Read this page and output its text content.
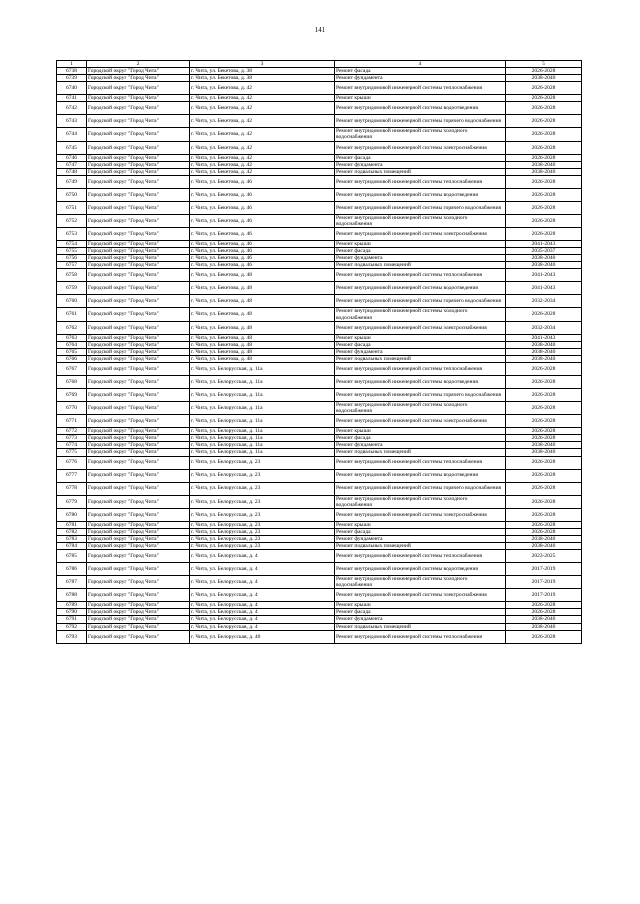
141
1	2	3	4	5
6738	Городской округ "Город Чита"	г. Чита, ул. Бекетова, д. 38	Ремонт фасада	2026-2028
6739	Городской округ "Город Чита"	г. Чита, ул. Бекетова, д. 38	Ремонт фундамента	2038-2040
6740	Городской округ "Город Чита"	г. Чита, ул. Бекетова, д. 42	Ремонт внутридомовой инженерной системы теплоснабжения	2026-2028
6741	Городской округ "Город Чита"	г. Чита, ул. Бекетова, д. 42	Ремонт крыши	2026-2028
6742	Городской округ "Город Чита"	г. Чита, ул. Бекетова, д. 42	Ремонт внутридомовой инженерной системы водоотведения	2026-2028
6743	Городской округ "Город Чита"	г. Чита, ул. Бекетова, д. 42	Ремонт внутридомовой инженерной системы горячего водоснабжения	2026-2028
6744	Городской округ "Город Чита"	г. Чита, ул. Бекетова, д. 42	Ремонт внутридомовой инженерной системы холодного водоснабжения	2026-2028
6745	Городской округ "Город Чита"	г. Чита, ул. Бекетова, д. 42	Ремонт внутридомовой инженерной системы электроснабжения	2026-2028
6746	Городской округ "Город Чита"	г. Чита, ул. Бекетова, д. 42	Ремонт фасада	2026-2028
6747	Городской округ "Город Чита"	г. Чита, ул. Бекетова, д. 42	Ремонт фундамента	2038-2040
6748	Городской округ "Город Чита"	г. Чита, ул. Бекетова, д. 42	Ремонт подвальных помещений	2038-2040
6749	Городской округ "Город Чита"	г. Чита, ул. Бекетова, д. 46	Ремонт внутридомовой инженерной системы теплоснабжения	2026-2028
6750	Городской округ "Город Чита"	г. Чита, ул. Бекетова, д. 46	Ремонт внутридомовой инженерной системы водоотведения	2026-2028
6751	Городской округ "Город Чита"	г. Чита, ул. Бекетова, д. 46	Ремонт внутридомовой инженерной системы горячего водоснабжения	2026-2028
6752	Городской округ "Город Чита"	г. Чита, ул. Бекетова, д. 46	Ремонт внутридомовой инженерной системы холодного водоснабжения	2026-2028
6753	Городской округ "Город Чита"	г. Чита, ул. Бекетова, д. 46	Ремонт внутридомовой инженерной системы электроснабжения	2026-2028
6754	Городской округ "Город Чита"	г. Чита, ул. Бекетова, д. 46	Ремонт крыши	2041-2043
6755	Городской округ "Город Чита"	г. Чита, ул. Бекетова, д. 46	Ремонт фасада	2035-2037
6756	Городской округ "Город Чита"	г. Чита, ул. Бекетова, д. 46	Ремонт фундамента	2038-2040
6757	Городской округ "Город Чита"	г. Чита, ул. Бекетова, д. 46	Ремонт подвальных помещений	2038-2040
6758	Городской округ "Город Чита"	г. Чита, ул. Бекетова, д. 48	Ремонт внутридомовой инженерной системы теплоснабжения	2041-2043
6759	Городской округ "Город Чита"	г. Чита, ул. Бекетова, д. 48	Ремонт внутридомовой инженерной системы водоотведения	2041-2043
6760	Городской округ "Город Чита"	г. Чита, ул. Бекетова, д. 48	Ремонт внутридомовой инженерной системы горячего водоснабжения	2032-2034
6761	Городской округ "Город Чита"	г. Чита, ул. Бекетова, д. 48	Ремонт внутридомовой инженерной системы холодного водоснабжения	2026-2028
6762	Городской округ "Город Чита"	г. Чита, ул. Бекетова, д. 48	Ремонт внутридомовой инженерной системы электроснабжения	2032-2034
6763	Городской округ "Город Чита"	г. Чита, ул. Бекетова, д. 48	Ремонт крыши	2041-2043
6764	Городской округ "Город Чита"	г. Чита, ул. Бекетова, д. 48	Ремонт фасада	2038-2040
6765	Городской округ "Город Чита"	г. Чита, ул. Бекетова, д. 48	Ремонт фундамента	2038-2040
6766	Городской округ "Город Чита"	г. Чита, ул. Бекетова, д. 48	Ремонт подвальных помещений	2038-2040
6767	Городской округ "Город Чита"	г. Чита, ул. Белорусская, д. 11а	Ремонт внутридомовой инженерной системы теплоснабжения	2026-2028
6768	Городской округ "Город Чита"	г. Чита, ул. Белорусская, д. 11а	Ремонт внутридомовой инженерной системы водоотведения	2026-2028
6769	Городской округ "Город Чита"	г. Чита, ул. Белорусская, д. 11а	Ремонт внутридомовой инженерной системы горячего водоснабжения	2026-2028
6770	Городской округ "Город Чита"	г. Чита, ул. Белорусская, д. 11а	Ремонт внутридомовой инженерной системы холодного водоснабжения	2026-2028
6771	Городской округ "Город Чита"	г. Чита, ул. Белорусская, д. 11а	Ремонт внутридомовой инженерной системы электроснабжения	2026-2028
6772	Городской округ "Город Чита"	г. Чита, ул. Белорусская, д. 11а	Ремонт крыши	2026-2028
6773	Городской округ "Город Чита"	г. Чита, ул. Белорусская, д. 11а	Ремонт фасада	2026-2028
6774	Городской округ "Город Чита"	г. Чита, ул. Белорусская, д. 11а	Ремонт фундамента	2038-2040
6775	Городской округ "Город Чита"	г. Чита, ул. Белорусская, д. 11а	Ремонт подвальных помещений	2038-2040
6776	Городской округ "Город Чита"	г. Чита, ул. Белорусская, д. 23	Ремонт внутридомовой инженерной системы теплоснабжения	2026-2028
6777	Городской округ "Город Чита"	г. Чита, ул. Белорусская, д. 23	Ремонт внутридомовой инженерной системы водоотведения	2026-2028
6778	Городской округ "Город Чита"	г. Чита, ул. Белорусская, д. 23	Ремонт внутридомовой инженерной системы горячего водоснабжения	2026-2028
6779	Городской округ "Город Чита"	г. Чита, ул. Белорусская, д. 23	Ремонт внутридомовой инженерной системы холодного водоснабжения	2026-2028
6780	Городской округ "Город Чита"	г. Чита, ул. Белорусская, д. 23	Ремонт внутридомовой инженерной системы электроснабжения	2026-2028
6781	Городской округ "Город Чита"	г. Чита, ул. Белорусская, д. 23	Ремонт крыши	2026-2028
6782	Городской округ "Город Чита"	г. Чита, ул. Белорусская, д. 23	Ремонт фасада	2026-2028
6783	Городской округ "Город Чита"	г. Чита, ул. Белорусская, д. 23	Ремонт фундамента	2038-2040
6784	Городской округ "Город Чита"	г. Чита, ул. Белорусская, д. 23	Ремонт подвальных помещений	2038-2040
6785	Городской округ "Город Чита"	г. Чита, ул. Белорусская, д. 4	Ремонт внутридомовой инженерной системы теплоснабжения	2023-2025
6786	Городской округ "Город Чита"	г. Чита, ул. Белорусская, д. 4	Ремонт внутридомовой инженерной системы водоотведения	2017-2019
6787	Городской округ "Город Чита"	г. Чита, ул. Белорусская, д. 4	Ремонт внутридомовой инженерной системы холодного водоснабжения	2017-2019
6788	Городской округ "Город Чита"	г. Чита, ул. Белорусская, д. 4	Ремонт внутридомовой инженерной системы электроснабжения	2017-2019
6789	Городской округ "Город Чита"	г. Чита, ул. Белорусская, д. 4	Ремонт крыши	2026-2028
6790	Городской округ "Город Чита"	г. Чита, ул. Белорусская, д. 4	Ремонт фасада	2026-2028
6791	Городской округ "Город Чита"	г. Чита, ул. Белорусская, д. 4	Ремонт фундамента	2038-2040
6792	Городской округ "Город Чита"	г. Чита, ул. Белорусская, д. 4	Ремонт подвальных помещений	2038-2040
6793	Городской округ "Город Чита"	г. Чита, ул. Белорусская, д. 40	Ремонт внутридомовой инженерной системы теплоснабжения	2026-2028
